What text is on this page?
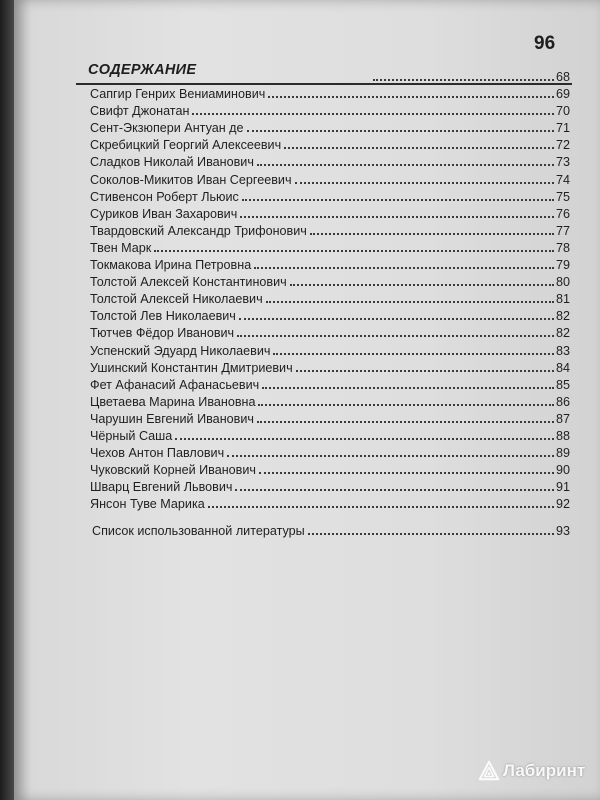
96
СОДЕРЖАНИЕ	68
Сапгир Генрих Вениаминович	69
Свифт Джонатан	70
Сент-Экзюпери Антуан де	71
Скребицкий Георгий Алексеевич	72
Сладков Николай Иванович	73
Соколов-Микитов Иван Сергеевич	74
Стивенсон Роберт Льюис	75
Суриков Иван Захарович	76
Твардовский Александр Трифонович	77
Твен Марк	78
Токмакова Ирина Петровна	79
Толстой Алексей Константинович	80
Толстой Алексей Николаевич	81
Толстой Лев Николаевич	82
Тютчев Фёдор Иванович	82
Успенский Эдуард Николаевич	83
Ушинский Константин Дмитриевич	84
Фет Афанасий Афанасьевич	85
Цветаева Марина Ивановна	86
Чарушин Евгений Иванович	87
Чёрный Саша	88
Чехов Антон Павлович	89
Чуковский Корней Иванович	90
Шварц Евгений Львович	91
Янсон Туве Марика	92
Список использованной литературы	93
Лабиринт
